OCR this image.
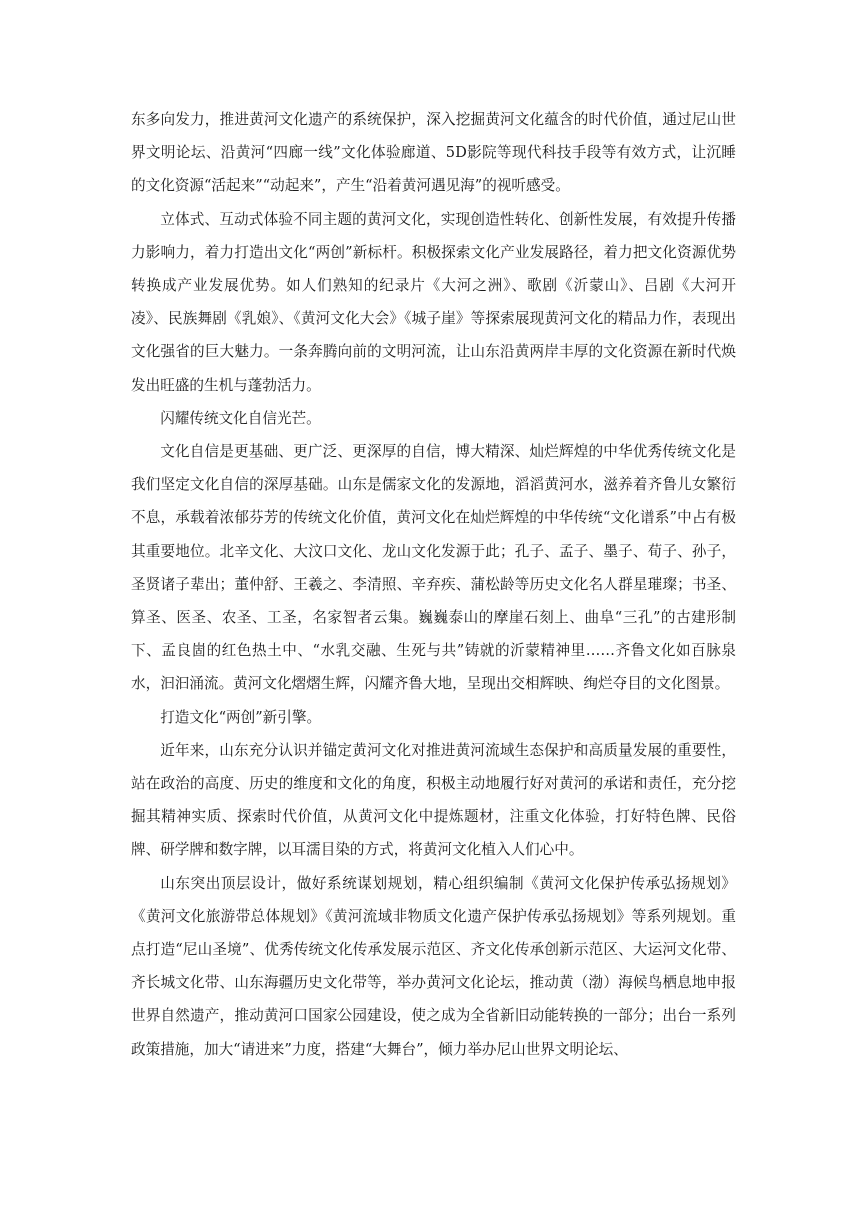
东多向发力，推进黄河文化遗产的系统保护，深入挖掘黄河文化蕴含的时代价值，通过尼山世界文明论坛、沿黄河“四廊一线”文化体验廊道、5D影院等现代科技手段等有效方式，让沉睡的文化资源“活起来”“动起来”，产生“沿着黄河遇见海”的视听感受。

立体式、互动式体验不同主题的黄河文化，实现创造性转化、创新性发展，有效提升传播力影响力，着力打造出文化“两创”新标杆。积极探索文化产业发展路径，着力把文化资源优势转换成产业发展优势。如人们熟知的纪录片《大河之洲》、歌剧《沂蒙山》、吕剧《大河开凌》、民族舞剧《乳娘》、《黄河文化大会》《城子崖》等探索展现黄河文化的精品力作，表现出文化强省的巨大魅力。一条奔腾向前的文明河流，让山东沿黄两岸丰厚的文化资源在新时代焕发出旺盛的生机与蓬勃活力。

闪耀传统文化自信光芒。

文化自信是更基础、更广泛、更深厚的自信，博大精深、灿烂辉煌的中华优秀传统文化是我们坚定文化自信的深厚基础。山东是儒家文化的发源地，滔滔黄河水，滋养着齐鲁儿女繁衍不息，承载着浓郁芬芳的传统文化价值，黄河文化在灿烂辉煌的中华传统“文化谱系”中占有极其重要地位。北辛文化、大汶口文化、龙山文化发源于此；孔子、孟子、墨子、荀子、孙子，圣贤诸子辈出；董仲舒、王羲之、李清照、辛弃疾、蒲松龄等历史文化名人群星璀璨；书圣、算圣、医圣、农圣、工圣，名家智者云集。巍巍泰山的摩崖石刻上、曲阜“三孔”的古建形制下、孟良崮的红色热土中、“水乳交融、生死与共”铸就的沂蒙精神里……齐鲁文化如百脉泉水，汩汩涌流。黄河文化熠熠生辉，闪耀齐鲁大地，呈现出交相辉映、绚烂夺目的文化图景。

打造文化“两创”新引擎。

近年来，山东充分认识并锚定黄河文化对推进黄河流域生态保护和高质量发展的重要性，站在政治的高度、历史的维度和文化的角度，积极主动地履行好对黄河的承诺和责任，充分挖掘其精神实质、探索时代价值，从黄河文化中提炼题材，注重文化体验，打好特色牌、民俗牌、研学牌和数字牌，以耳濡目染的方式，将黄河文化植入人们心中。

山东突出顶层设计，做好系统谋划规划，精心组织编制《黄河文化保护传承弘扬规划》《黄河文化旅游带总体规划》《黄河流域非物质文化遗产保护传承弘扬规划》等系列规划。重点打造“尼山圣境”、优秀传统文化传承发展示范区、齐文化传承创新示范区、大运河文化带、齐长城文化带、山东海疆历史文化带等，举办黄河文化论坛，推动黄（渤）海候鸟栖息地申报世界自然遗产，推动黄河口国家公园建设，使之成为全省新旧动能转换的一部分；出台一系列政策措施，加大“请进来”力度，搭建“大舞台”，倾力举办尼山世界文明论坛、
